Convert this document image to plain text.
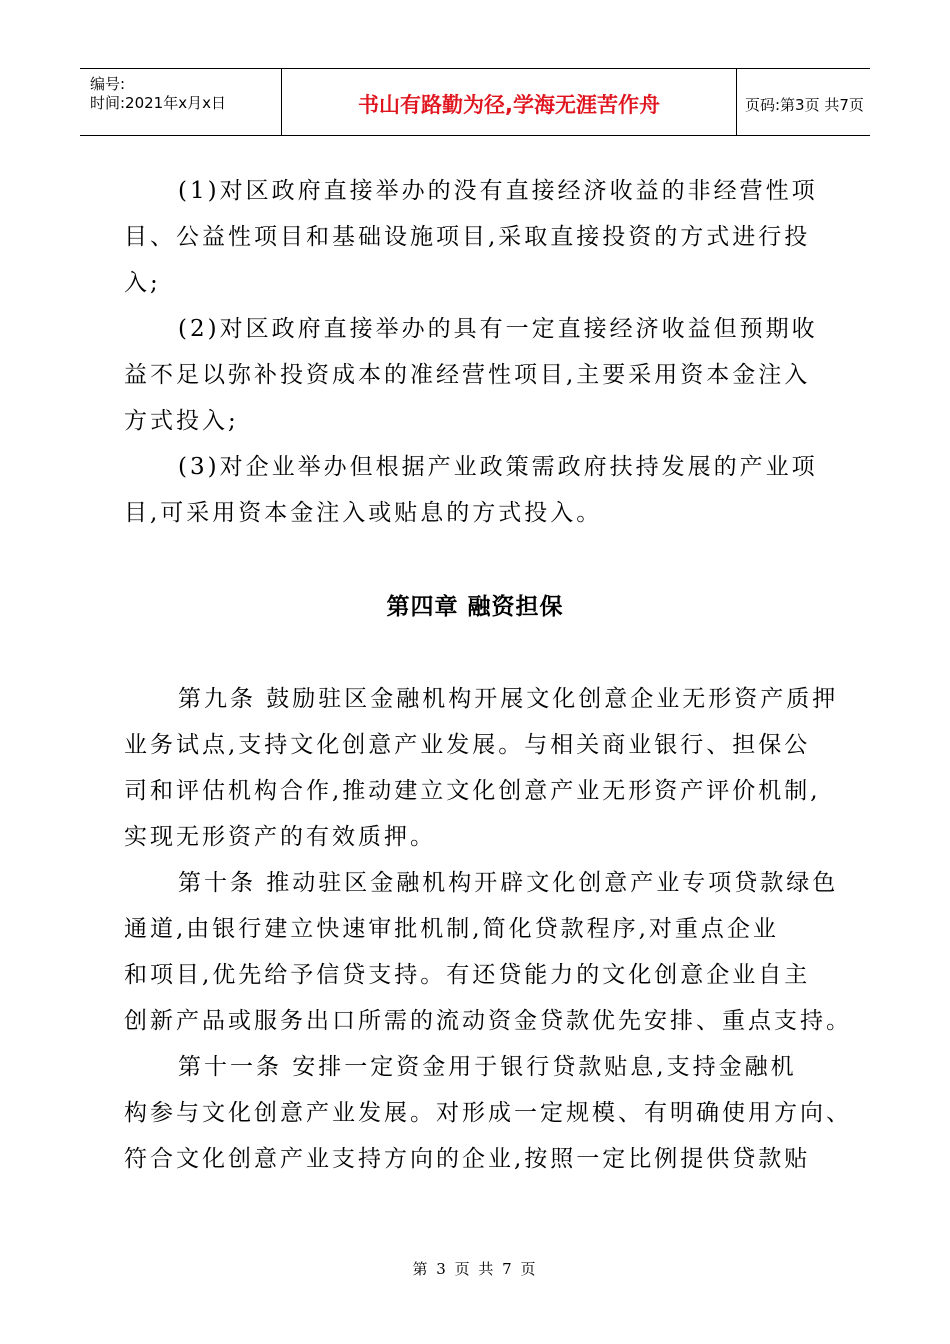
编号:
时间:2021年x月x日	书山有路勤为径,学海无涯苦作舟	页码:第3页 共7页

(1)对区政府直接举办的没有直接经济收益的非经营性项

目、公益性项目和基础设施项目,采取直接投资的方式进行投

入;

(2)对区政府直接举办的具有一定直接经济收益但预期收

益不足以弥补投资成本的准经营性项目,主要采用资本金注入

方式投入;

(3)对企业举办但根据产业政策需政府扶持发展的产业项

目,可采用资本金注入或贴息的方式投入。

第四章 融资担保

第九条 鼓励驻区金融机构开展文化创意企业无形资产质押

业务试点,支持文化创意产业发展。与相关商业银行、担保公

司和评估机构合作,推动建立文化创意产业无形资产评价机制,

实现无形资产的有效质押。

第十条 推动驻区金融机构开辟文化创意产业专项贷款绿色

通道,由银行建立快速审批机制,简化贷款程序,对重点企业

和项目,优先给予信贷支持。有还贷能力的文化创意企业自主

创新产品或服务出口所需的流动资金贷款优先安排、重点支持。

第十一条 安排一定资金用于银行贷款贴息,支持金融机

构参与文化创意产业发展。对形成一定规模、有明确使用方向、

符合文化创意产业支持方向的企业,按照一定比例提供贷款贴

第 3 页 共 7 页
